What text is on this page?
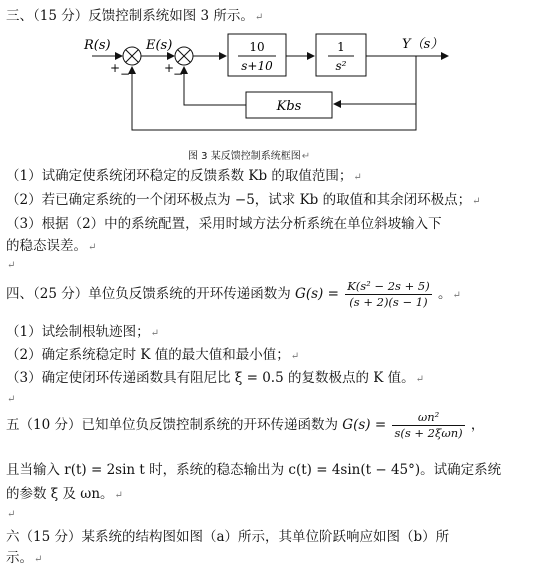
三、（15 分）反馈控制系统如图 3 所示。↵
R(s)	E(s)	Y（s）
+ −	+
−
10
s+10
1
s²
Kbs
图 3 某反馈控制系统框图↵
（1）试确定使系统闭环稳定的反馈系数 Kb 的取值范围；↵
（2）若已确定系统的一个闭环极点为 −5，试求 Kb 的取值和其余闭环极点；↵
（3）根据（2）中的系统配置，采用时域方法分析系统在单位斜坡输入下
的稳态误差。↵
↵
四、（25 分）单位负反馈系统的开环传递函数为 $G(s) = \frac{\text{K(s² − 2s + 5)}}{(s + 2)(s - 1)}$ 。↵
（1）试绘制根轨迹图；↵
（2）确定系统稳定时 K 值的最大值和最小值；↵
（3）确定使闭环传递函数具有阻尼比 ξ = 0.5 的复数极点的 K 值。↵
↵
五（10 分）已知单位负反馈控制系统的开环传递函数为 $G(s) = \frac{\text{ωn²}}{\text{s(s + 2ξωn)}}$ ，
且当输入 r(t) = 2sin t 时，系统的稳态输出为 c(t) = 4sin(t − 45°)。试确定系统
的参数 ξ 及 ωn。↵
↵
六（15 分）某系统的结构图如图（a）所示，其单位阶跃响应如图（b）所
示。↵
